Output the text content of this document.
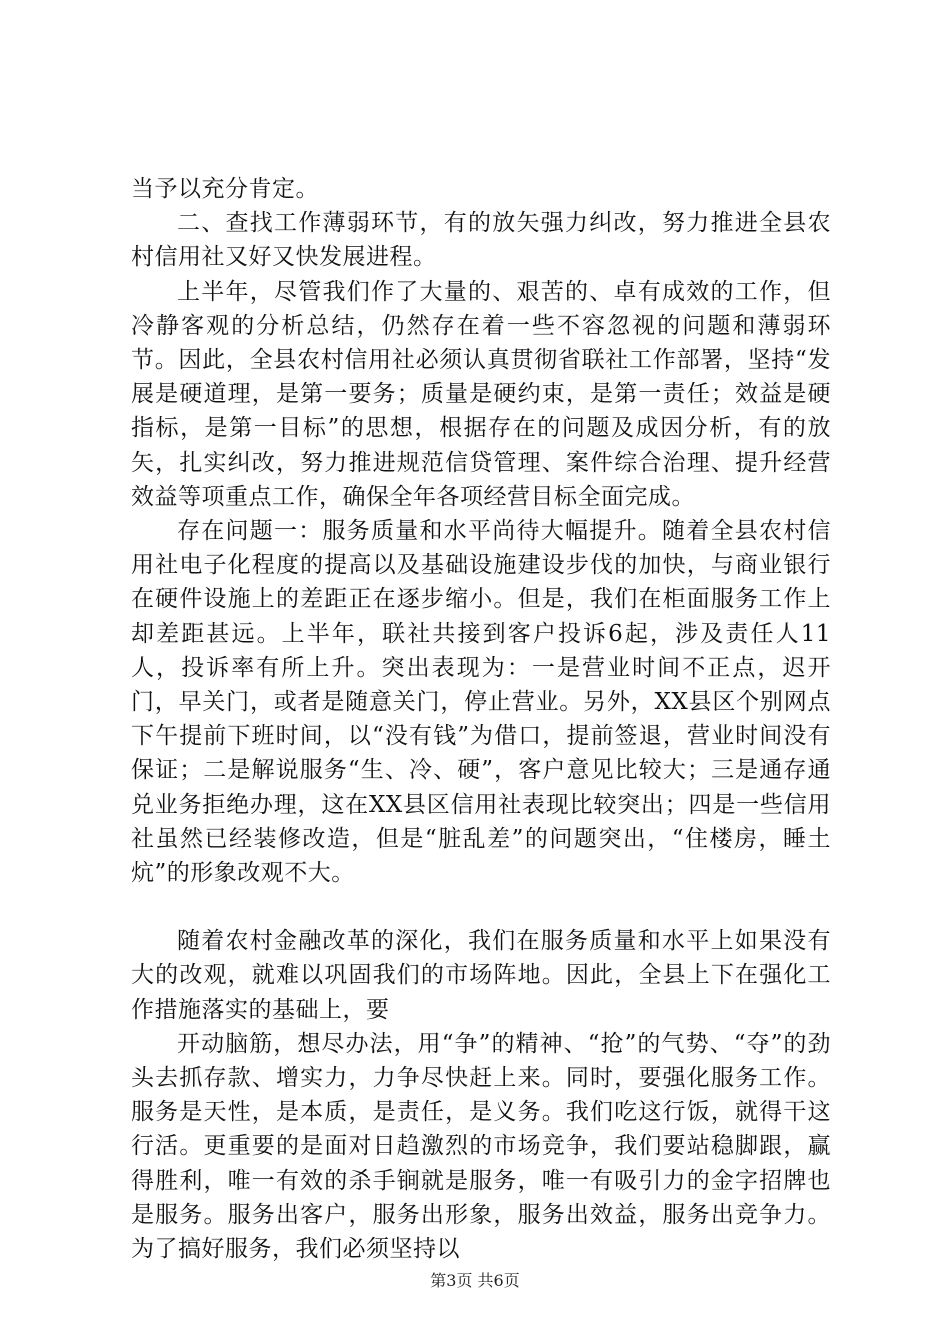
当予以充分肯定。

二、查找工作薄弱环节，有的放矢强力纠改，努力推进全县农村信用社又好又快发展进程。

上半年，尽管我们作了大量的、艰苦的、卓有成效的工作，但冷静客观的分析总结，仍然存在着一些不容忽视的问题和薄弱环节。因此，全县农村信用社必须认真贯彻省联社工作部署，坚持“发展是硬道理，是第一要务；质量是硬约束，是第一责任；效益是硬指标，是第一目标”的思想，根据存在的问题及成因分析，有的放矢，扎实纠改，努力推进规范信贷管理、案件综合治理、提升经营效益等项重点工作，确保全年各项经营目标全面完成。

存在问题一：服务质量和水平尚待大幅提升。随着全县农村信用社电子化程度的提高以及基础设施建设步伐的加快，与商业银行在硬件设施上的差距正在逐步缩小。但是，我们在柜面服务工作上却差距甚远。上半年，联社共接到客户投诉6起，涉及责任人11人，投诉率有所上升。突出表现为：一是营业时间不正点，迟开门，早关门，或者是随意关门，停止营业。另外，XX县区个别网点下午提前下班时间，以“没有钱”为借口，提前签退，营业时间没有保证；二是解说服务“生、冷、硬”，客户意见比较大；三是通存通兑业务拒绝办理，这在XX县区信用社表现比较突出；四是一些信用社虽然已经装修改造，但是“脏乱差”的问题突出，“住楼房，睡土炕”的形象改观不大。

随着农村金融改革的深化，我们在服务质量和水平上如果没有大的改观，就难以巩固我们的市场阵地。因此，全县上下在强化工作措施落实的基础上，要

开动脑筋，想尽办法，用“争”的精神、“抢”的气势、“夺”的劲头去抓存款、增实力，力争尽快赶上来。同时，要强化服务工作。服务是天性，是本质，是责任，是义务。我们吃这行饭，就得干这行活。更重要的是面对日趋激烈的市场竞争，我们要站稳脚跟，赢得胜利，唯一有效的杀手锏就是服务，唯一有吸引力的金字招牌也是服务。服务出客户，服务出形象，服务出效益，服务出竞争力。为了搞好服务，我们必须坚持以

第3页 共6页
